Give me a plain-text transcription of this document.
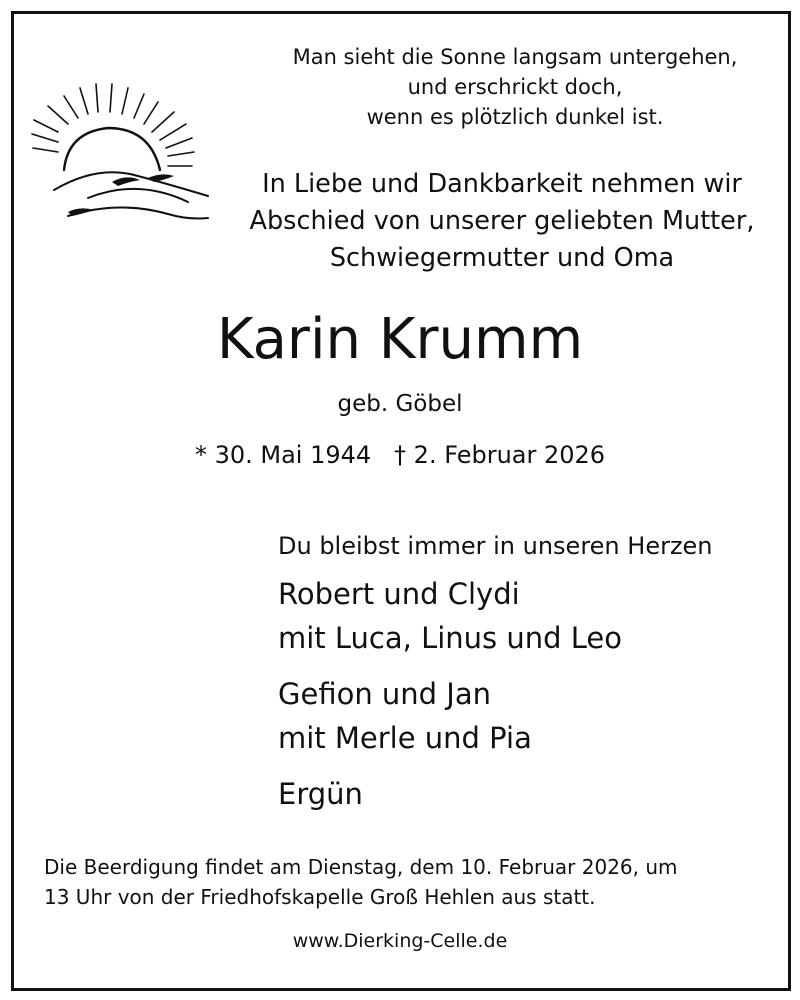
Man sieht die Sonne langsam untergehen,
und erschrickt doch,
wenn es plötzlich dunkel ist.
In Liebe und Dankbarkeit nehmen wir
Abschied von unserer geliebten Mutter,
Schwiegermutter und Oma
Karin Krumm
geb. Göbel
* 30. Mai 1944 † 2. Februar 2026
Du bleibst immer in unseren Herzen
Robert und Clydi
mit Luca, Linus und Leo
Gefion und Jan
mit Merle und Pia
Ergün
Die Beerdigung findet am Dienstag, dem 10. Februar 2026, um
13 Uhr von der Friedhofskapelle Groß Hehlen aus statt.
www.Dierking-Celle.de
